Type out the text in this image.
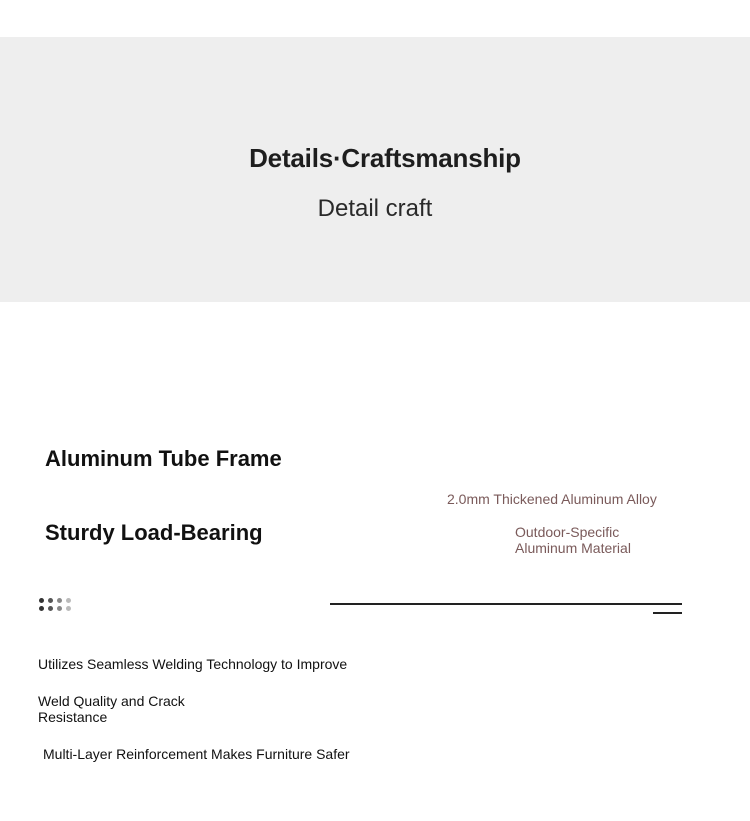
Details·Craftsmanship
Detail craft
Aluminum Tube Frame
Sturdy Load-Bearing
2.0mm Thickened Aluminum Alloy
Outdoor-Specific
Aluminum Material
Utilizes Seamless Welding Technology to Improve
Weld Quality and Crack
Resistance
Multi-Layer Reinforcement Makes Furniture Safer
